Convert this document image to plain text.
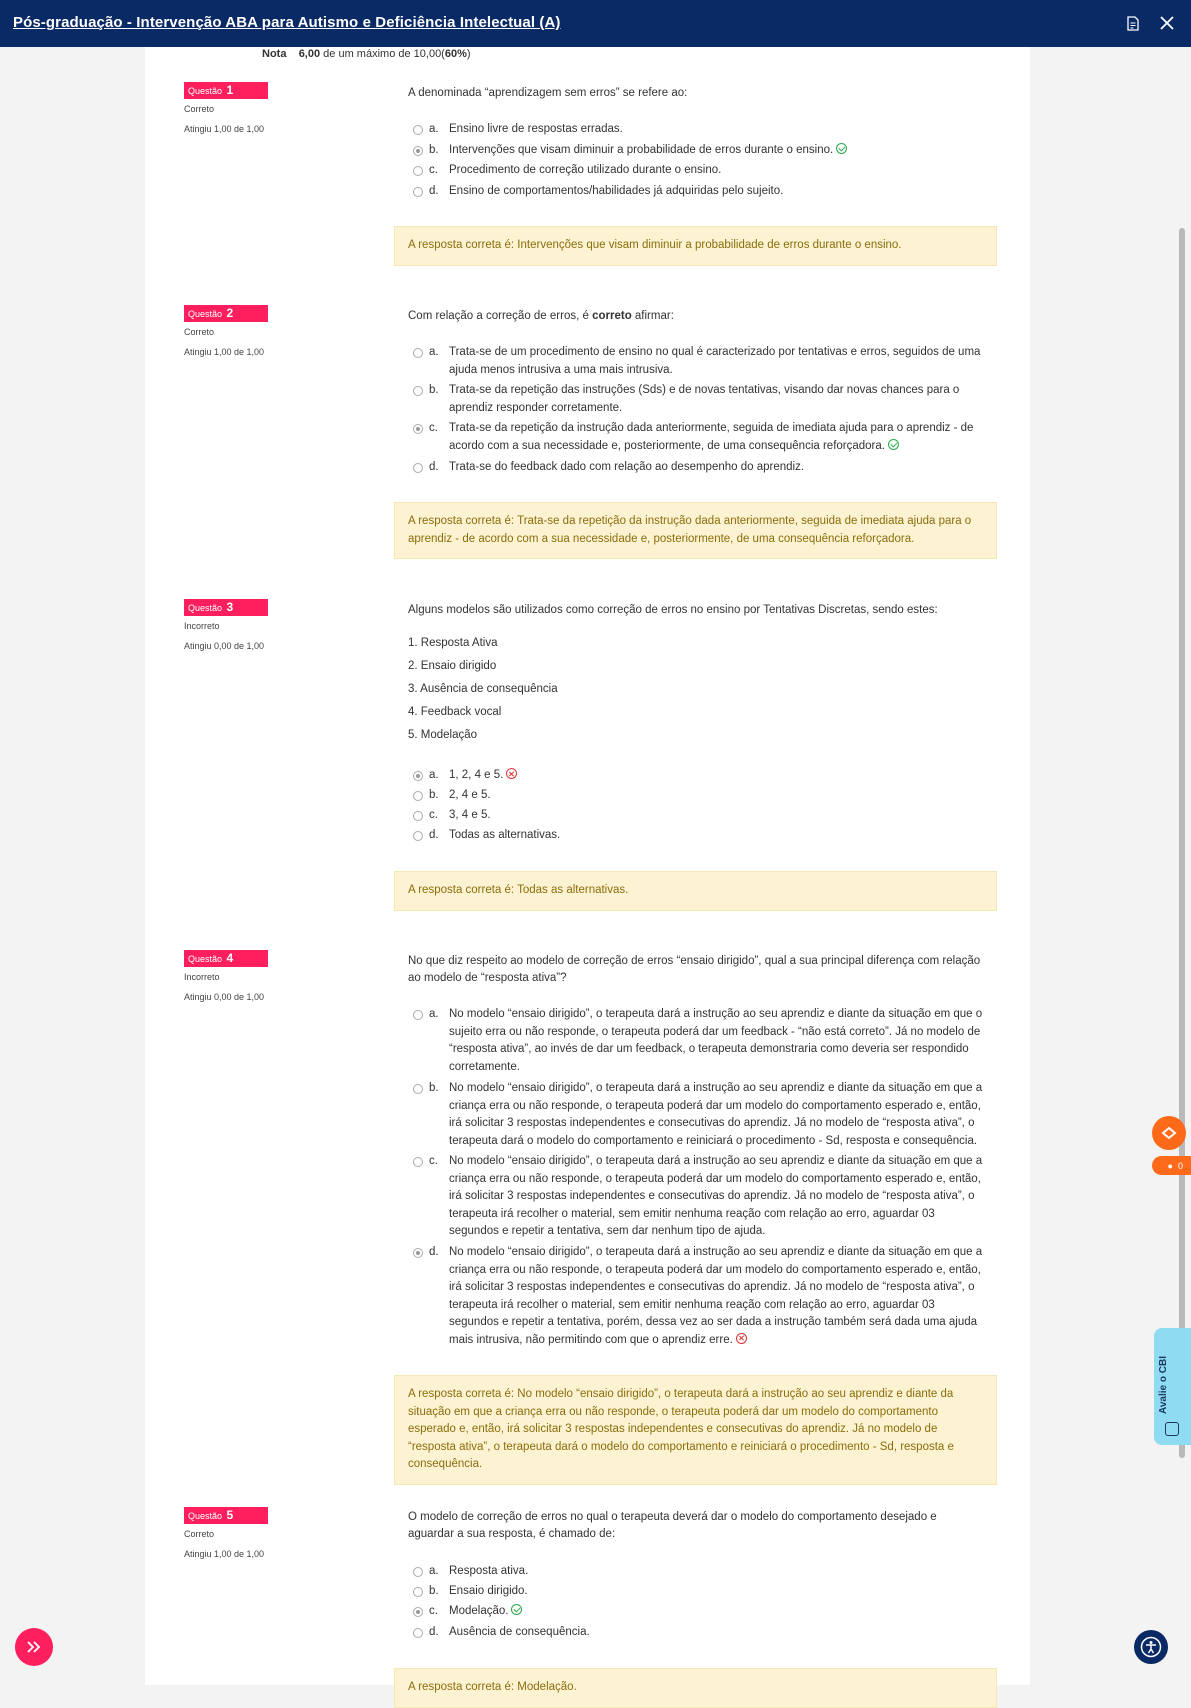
Pós-graduação - Intervenção ABA para Autismo e Deficiência Intelectual (A)
Nota 6,00 de um máximo de 10,00(60%)
Questão 1
Correto
Atingiu 1,00 de 1,00
A denominada “aprendizagem sem erros” se refere ao:
a. Ensino livre de respostas erradas.
b. Intervenções que visam diminuir a probabilidade de erros durante o ensino.
c. Procedimento de correção utilizado durante o ensino.
d. Ensino de comportamentos/habilidades já adquiridas pelo sujeito.
A resposta correta é: Intervenções que visam diminuir a probabilidade de erros durante o ensino.
Questão 2
Correto
Atingiu 1,00 de 1,00
Com relação a correção de erros, é correto afirmar:
a. Trata-se de um procedimento de ensino no qual é caracterizado por tentativas e erros, seguidos de uma ajuda menos intrusiva a uma mais intrusiva.
b. Trata-se da repetição das instruções (Sds) e de novas tentativas, visando dar novas chances para o aprendiz responder corretamente.
c. Trata-se da repetição da instrução dada anteriormente, seguida de imediata ajuda para o aprendiz - de acordo com a sua necessidade e, posteriormente, de uma consequência reforçadora.
d. Trata-se do feedback dado com relação ao desempenho do aprendiz.
A resposta correta é: Trata-se da repetição da instrução dada anteriormente, seguida de imediata ajuda para o aprendiz - de acordo com a sua necessidade e, posteriormente, de uma consequência reforçadora.
Questão 3
Incorreto
Atingiu 0,00 de 1,00
Alguns modelos são utilizados como correção de erros no ensino por Tentativas Discretas, sendo estes:
1. Resposta Ativa
2. Ensaio dirigido
3. Ausência de consequência
4. Feedback vocal
5. Modelação
a. 1, 2, 4 e 5.
b. 2, 4 e 5.
c. 3, 4 e 5.
d. Todas as alternativas.
A resposta correta é: Todas as alternativas.
Questão 4
Incorreto
Atingiu 0,00 de 1,00
No que diz respeito ao modelo de correção de erros “ensaio dirigido”, qual a sua principal diferença com relação ao modelo de “resposta ativa”?
a. No modelo “ensaio dirigido”, o terapeuta dará a instrução ao seu aprendiz e diante da situação em que o sujeito erra ou não responde, o terapeuta poderá dar um feedback - “não está correto”. Já no modelo de “resposta ativa”, ao invés de dar um feedback, o terapeuta demonstraria como deveria ser respondido corretamente.
b. No modelo “ensaio dirigido”, o terapeuta dará a instrução ao seu aprendiz e diante da situação em que a criança erra ou não responde, o terapeuta poderá dar um modelo do comportamento esperado e, então, irá solicitar 3 respostas independentes e consecutivas do aprendiz. Já no modelo de “resposta ativa”, o terapeuta dará o modelo do comportamento e reiniciará o procedimento - Sd, resposta e consequência.
c. No modelo “ensaio dirigido”, o terapeuta dará a instrução ao seu aprendiz e diante da situação em que a criança erra ou não responde, o terapeuta poderá dar um modelo do comportamento esperado e, então, irá solicitar 3 respostas independentes e consecutivas do aprendiz. Já no modelo de “resposta ativa”, o terapeuta irá recolher o material, sem emitir nenhuma reação com relação ao erro, aguardar 03 segundos e repetir a tentativa, sem dar nenhum tipo de ajuda.
d. No modelo “ensaio dirigido”, o terapeuta dará a instrução ao seu aprendiz e diante da situação em que a criança erra ou não responde, o terapeuta poderá dar um modelo do comportamento esperado e, então, irá solicitar 3 respostas independentes e consecutivas do aprendiz. Já no modelo de “resposta ativa”, o terapeuta irá recolher o material, sem emitir nenhuma reação com relação ao erro, aguardar 03 segundos e repetir a tentativa, porém, dessa vez ao ser dada a instrução também será dada uma ajuda mais intrusiva, não permitindo com que o aprendiz erre.
A resposta correta é: No modelo “ensaio dirigido”, o terapeuta dará a instrução ao seu aprendiz e diante da situação em que a criança erra ou não responde, o terapeuta poderá dar um modelo do comportamento esperado e, então, irá solicitar 3 respostas independentes e consecutivas do aprendiz. Já no modelo de “resposta ativa”, o terapeuta dará o modelo do comportamento e reiniciará o procedimento - Sd, resposta e consequência.
Questão 5
Correto
Atingiu 1,00 de 1,00
O modelo de correção de erros no qual o terapeuta deverá dar o modelo do comportamento desejado e aguardar a sua resposta, é chamado de:
a. Resposta ativa.
b. Ensaio dirigido.
c. Modelação.
d. Ausência de consequência.
A resposta correta é: Modelação.
● 0
Avalie o CBI
